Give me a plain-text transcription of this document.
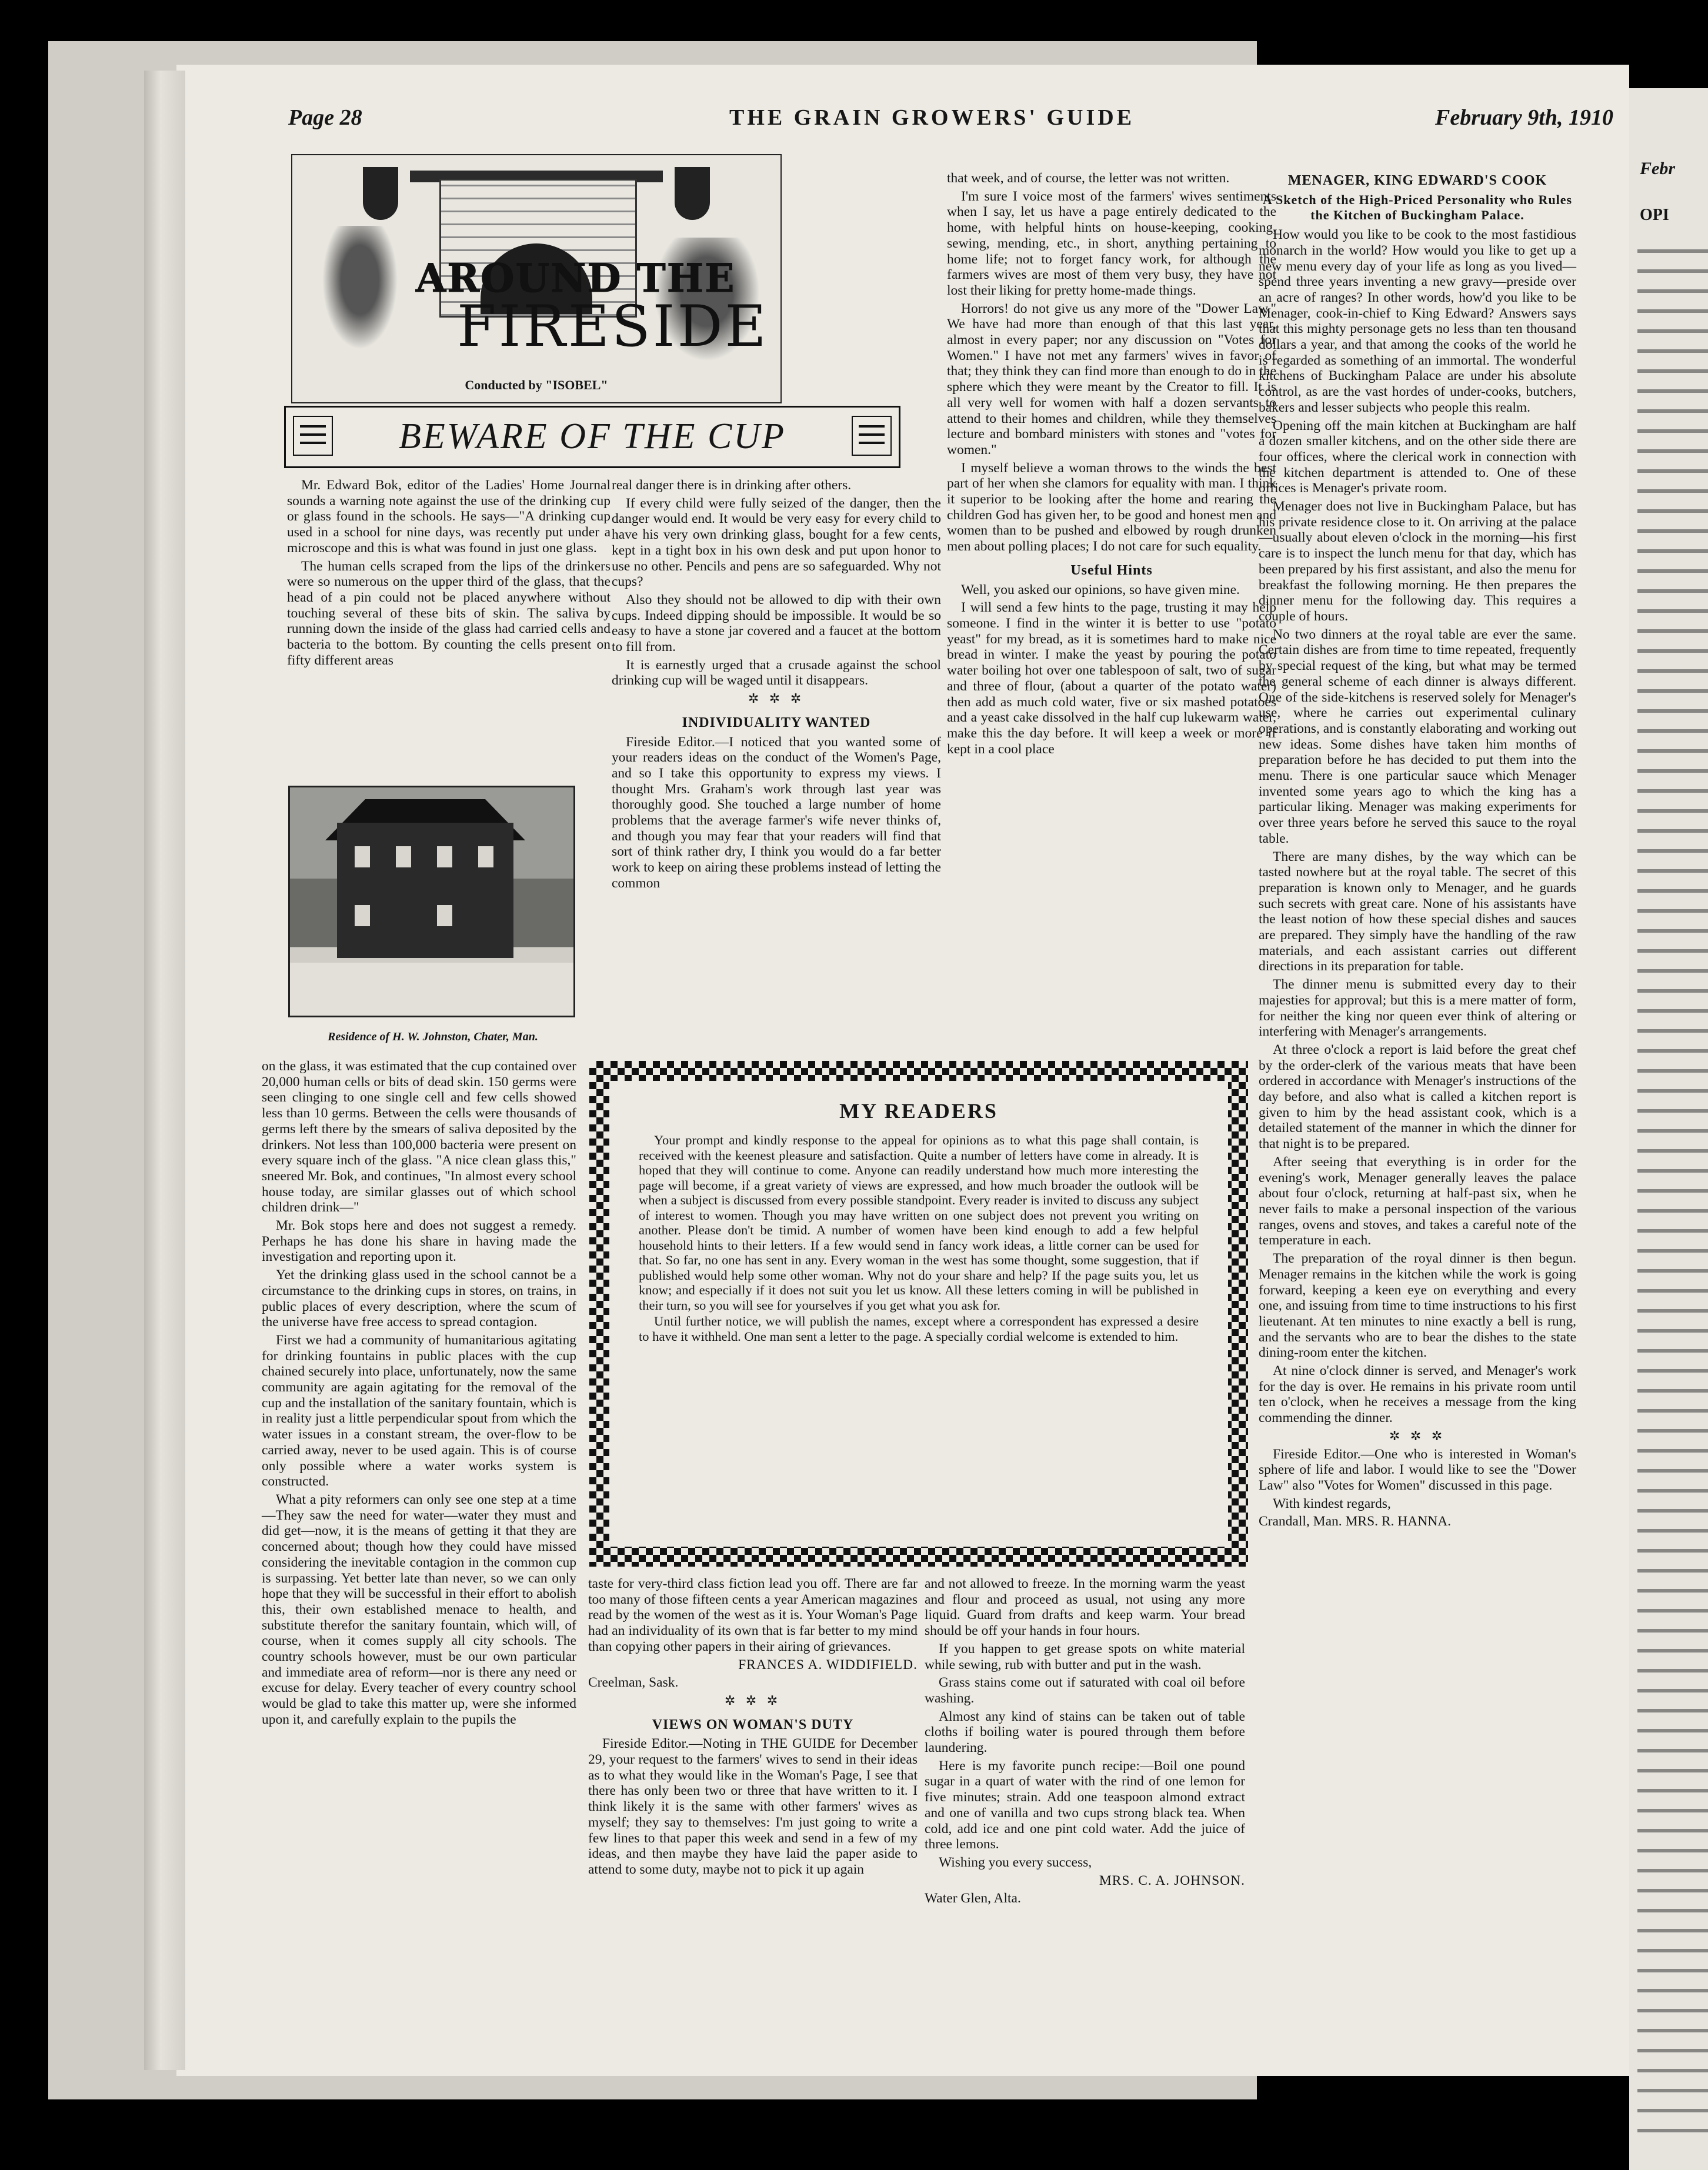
Febr
OPI
Page 28	THE GRAIN GROWERS' GUIDE	February 9th, 1910
AROUND THE
FIRESIDE
Conducted by "ISOBEL"
BEWARE OF THE CUP

Mr. Edward Bok, editor of the Ladies' Home Journal sounds a warning note against the use of the drinking cup or glass found in the schools. He says—"A drinking cup used in a school for nine days, was recently put under a microscope and this is what was found in just one glass.

The human cells scraped from the lips of the drinkers were so numerous on the upper third of the glass, that the head of a pin could not be placed anywhere without touching several of these bits of skin. The saliva by running down the inside of the glass had carried cells and bacteria to the bottom. By counting the cells present on fifty different areas

Residence of H. W. Johnston, Chater, Man.

on the glass, it was estimated that the cup contained over 20,000 human cells or bits of dead skin. 150 germs were seen clinging to one single cell and few cells showed less than 10 germs. Between the cells were thousands of germs left there by the smears of saliva deposited by the drinkers. Not less than 100,000 bacteria were present on every square inch of the glass. "A nice clean glass this," sneered Mr. Bok, and continues, "In almost every school house today, are similar glasses out of which school children drink—"

Mr. Bok stops here and does not suggest a remedy. Perhaps he has done his share in having made the investigation and reporting upon it.

Yet the drinking glass used in the school cannot be a circumstance to the drinking cups in stores, on trains, in public places of every description, where the scum of the universe have free access to spread contagion.

First we had a community of humanitarious agitating for drinking fountains in public places with the cup chained securely into place, unfortunately, now the same community are again agitating for the removal of the cup and the installation of the sanitary fountain, which is in reality just a little perpendicular spout from which the water issues in a constant stream, the over-flow to be carried away, never to be used again. This is of course only possible where a water works system is constructed.

What a pity reformers can only see one step at a time—They saw the need for water—water they must and did get—now, it is the means of getting it that they are concerned about; though how they could have missed considering the inevitable contagion in the common cup is surpassing. Yet better late than never, so we can only hope that they will be successful in their effort to abolish this, their own established menace to health, and substitute therefor the sanitary fountain, which will, of course, when it comes supply all city schools. The country schools however, must be our own particular and immediate area of reform—nor is there any need or excuse for delay. Every teacher of every country school would be glad to take this matter up, were she informed upon it, and carefully explain to the pupils the

real danger there is in drinking after others.

If every child were fully seized of the danger, then the danger would end. It would be very easy for every child to have his very own drinking glass, bought for a few cents, kept in a tight box in his own desk and put upon honor to use no other. Pencils and pens are so safeguarded. Why not cups?

Also they should not be allowed to dip with their own cups. Indeed dipping should be impossible. It would be so easy to have a stone jar covered and a faucet at the bottom to fill from.

It is earnestly urged that a crusade against the school drinking cup will be waged until it disappears.

✲ ✲ ✲

INDIVIDUALITY WANTED

Fireside Editor.—I noticed that you wanted some of your readers ideas on the conduct of the Women's Page, and so I take this opportunity to express my views. I thought Mrs. Graham's work through last year was thoroughly good. She touched a large number of home problems that the average farmer's wife never thinks of, and though you may fear that your readers will find that sort of think rather dry, I think you would do a far better work to keep on airing these problems instead of letting the common

that week, and of course, the letter was not written.

I'm sure I voice most of the farmers' wives sentiments when I say, let us have a page entirely dedicated to the home, with helpful hints on house-keeping, cooking, sewing, mending, etc., in short, anything pertaining to home life; not to forget fancy work, for although the farmers wives are most of them very busy, they have not lost their liking for pretty home-made things.

Horrors! do not give us any more of the "Dower Law." We have had more than enough of that this last year, almost in every paper; nor any discussion on "Votes for Women." I have not met any farmers' wives in favor of that; they think they can find more than enough to do in the sphere which they were meant by the Creator to fill. It is all very well for women with half a dozen servants to attend to their homes and children, while they themselves lecture and bombard ministers with stones and "votes for women."

I myself believe a woman throws to the winds the best part of her when she clamors for equality with man. I think it superior to be looking after the home and rearing the children God has given her, to be good and honest men and women than to be pushed and elbowed by rough drunken men about polling places; I do not care for such equality.

Useful Hints

Well, you asked our opinions, so have given mine.

I will send a few hints to the page, trusting it may help someone. I find in the winter it is better to use "potato yeast" for my bread, as it is sometimes hard to make nice bread in winter. I make the yeast by pouring the potato water boiling hot over one tablespoon of salt, two of sugar and three of flour, (about a quarter of the potato water) then add as much cold water, five or six mashed potatoes and a yeast cake dissolved in the half cup lukewarm water, make this the day before. It will keep a week or more if kept in a cool place

MY READERS

Your prompt and kindly response to the appeal for opinions as to what this page shall contain, is received with the keenest pleasure and satisfaction. Quite a number of letters have come in already. It is hoped that they will continue to come. Anyone can readily understand how much more interesting the page will become, if a great variety of views are expressed, and how much broader the outlook will be when a subject is discussed from every possible standpoint. Every reader is invited to discuss any subject of interest to women. Though you may have written on one subject does not prevent you writing on another. Please don't be timid. A number of women have been kind enough to add a few helpful household hints to their letters. If a few would send in fancy work ideas, a little corner can be used for that. So far, no one has sent in any. Every woman in the west has some thought, some suggestion, that if published would help some other woman. Why not do your share and help? If the page suits you, let us know; and especially if it does not suit you let us know. All these letters coming in will be published in their turn, so you will see for yourselves if you get what you ask for.

Until further notice, we will publish the names, except where a correspondent has expressed a desire to have it withheld. One man sent a letter to the page. A specially cordial welcome is extended to him.

taste for very-third class fiction lead you off. There are far too many of those fifteen cents a year American magazines read by the women of the west as it is. Your Woman's Page had an individuality of its own that is far better to my mind than copying other papers in their airing of grievances.

FRANCES A. WIDDIFIELD.

Creelman, Sask.

✲ ✲ ✲

VIEWS ON WOMAN'S DUTY

Fireside Editor.—Noting in THE GUIDE for December 29, your request to the farmers' wives to send in their ideas as to what they would like in the Woman's Page, I see that there has only been two or three that have written to it. I think likely it is the same with other farmers' wives as myself; they say to themselves: I'm just going to write a few lines to that paper this week and send in a few of my ideas, and then maybe they have laid the paper aside to attend to some duty, maybe not to pick it up again

and not allowed to freeze. In the morning warm the yeast and flour and proceed as usual, not using any more liquid. Guard from drafts and keep warm. Your bread should be off your hands in four hours.

If you happen to get grease spots on white material while sewing, rub with butter and put in the wash.

Grass stains come out if saturated with coal oil before washing.

Almost any kind of stains can be taken out of table cloths if boiling water is poured through them before laundering.

Here is my favorite punch recipe:—Boil one pound sugar in a quart of water with the rind of one lemon for five minutes; strain. Add one teaspoon almond extract and one of vanilla and two cups strong black tea. When cold, add ice and one pint cold water. Add the juice of three lemons.

Wishing you every success,

MRS. C. A. JOHNSON.

Water Glen, Alta.

MENAGER, KING EDWARD'S COOK

A Sketch of the High-Priced Personality who Rules the Kitchen of Buckingham Palace.

How would you like to be cook to the most fastidious monarch in the world? How would you like to get up a new menu every day of your life as long as you lived—spend three years inventing a new gravy—preside over an acre of ranges? In other words, how'd you like to be Menager, cook-in-chief to King Edward? Answers says that this mighty personage gets no less than ten thousand dollars a year, and that among the cooks of the world he is regarded as something of an immortal. The wonderful kitchens of Buckingham Palace are under his absolute control, as are the vast hordes of under-cooks, butchers, bakers and lesser subjects who people this realm.

Opening off the main kitchen at Buckingham are half a dozen smaller kitchens, and on the other side there are four offices, where the clerical work in connection with the kitchen department is attended to. One of these offices is Menager's private room.

Menager does not live in Buckingham Palace, but has his private residence close to it. On arriving at the palace—usually about eleven o'clock in the morning—his first care is to inspect the lunch menu for that day, which has been prepared by his first assistant, and also the menu for breakfast the following morning. He then prepares the dinner menu for the following day. This requires a couple of hours.

No two dinners at the royal table are ever the same. Certain dishes are from time to time repeated, frequently by special request of the king, but what may be termed the general scheme of each dinner is always different. One of the side-kitchens is reserved solely for Menager's use, where he carries out experimental culinary operations, and is constantly elaborating and working out new ideas. Some dishes have taken him months of preparation before he has decided to put them into the menu. There is one particular sauce which Menager invented some years ago to which the king has a particular liking. Menager was making experiments for over three years before he served this sauce to the royal table.

There are many dishes, by the way which can be tasted nowhere but at the royal table. The secret of this preparation is known only to Menager, and he guards such secrets with great care. None of his assistants have the least notion of how these special dishes and sauces are prepared. They simply have the handling of the raw materials, and each assistant carries out different directions in its preparation for table.

The dinner menu is submitted every day to their majesties for approval; but this is a mere matter of form, for neither the king nor queen ever think of altering or interfering with Menager's arrangements.

At three o'clock a report is laid before the great chef by the order-clerk of the various meats that have been ordered in accordance with Menager's instructions of the day before, and also what is called a kitchen report is given to him by the head assistant cook, which is a detailed statement of the manner in which the dinner for that night is to be prepared.

After seeing that everything is in order for the evening's work, Menager generally leaves the palace about four o'clock, returning at half-past six, when he never fails to make a personal inspection of the various ranges, ovens and stoves, and takes a careful note of the temperature in each.

The preparation of the royal dinner is then begun. Menager remains in the kitchen while the work is going forward, keeping a keen eye on everything and every one, and issuing from time to time instructions to his first lieutenant. At ten minutes to nine exactly a bell is rung, and the servants who are to bear the dishes to the state dining-room enter the kitchen.

At nine o'clock dinner is served, and Menager's work for the day is over. He remains in his private room until ten o'clock, when he receives a message from the king commending the dinner.

✲ ✲ ✲

Fireside Editor.—One who is interested in Woman's sphere of life and labor. I would like to see the "Dower Law" also "Votes for Women" discussed in this page.

With kindest regards,

Crandall, Man. MRS. R. HANNA.
